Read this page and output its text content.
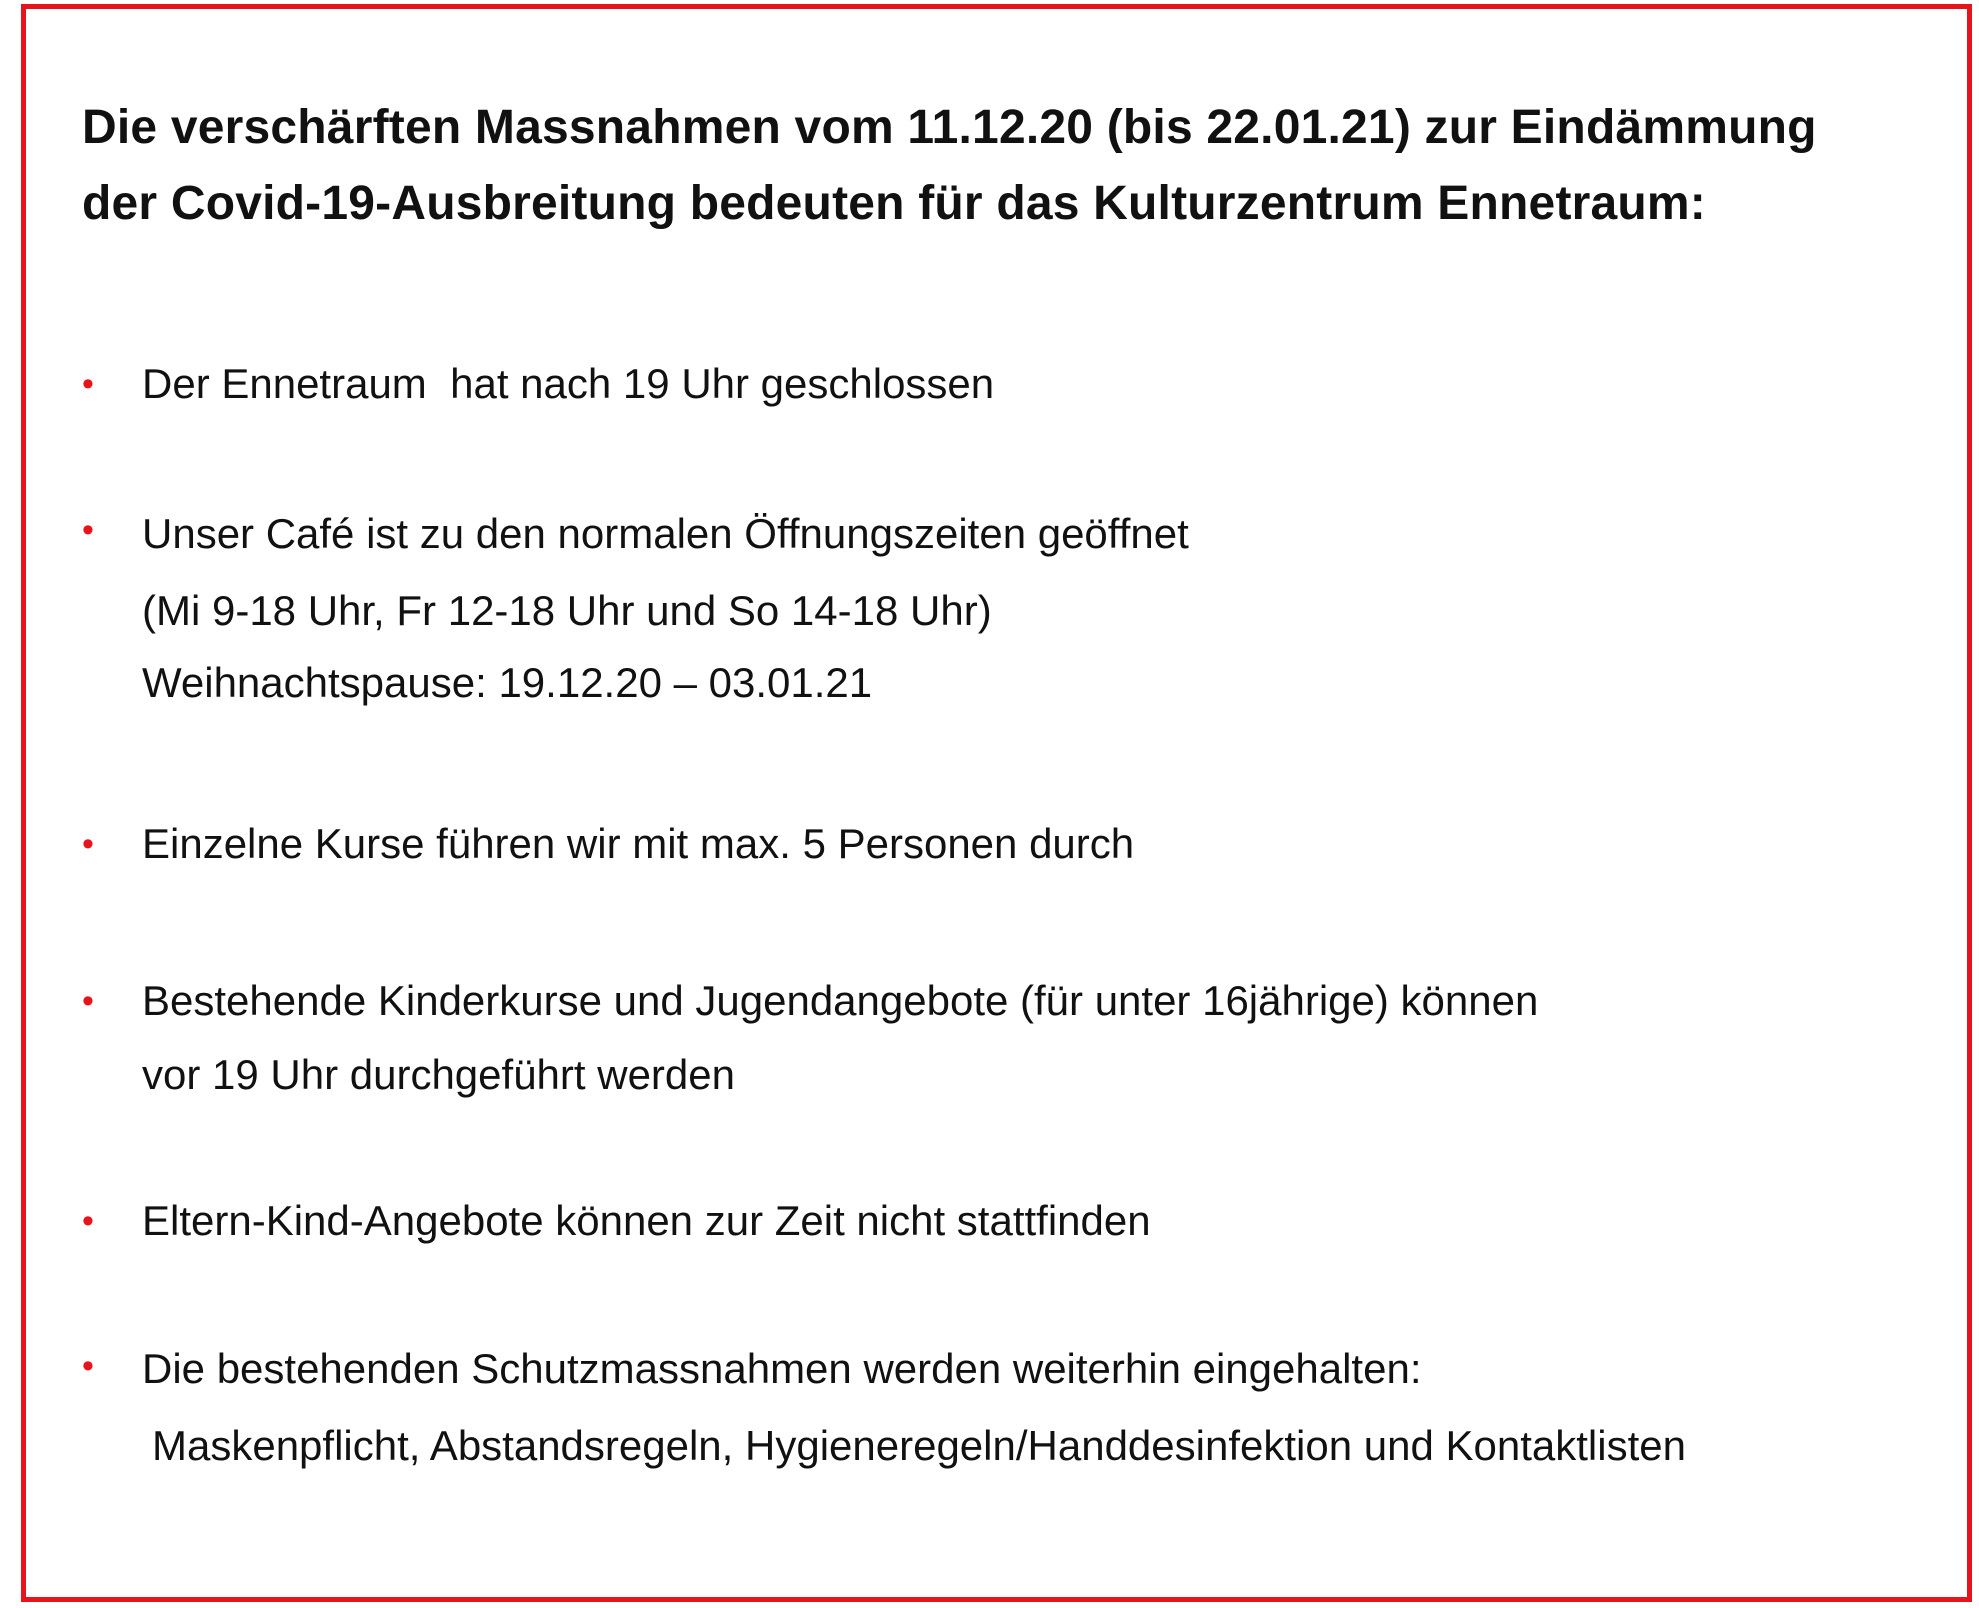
Die verschärften Massnahmen vom 11.12.20 (bis 22.01.21) zur Eindämmung
der Covid-19-Ausbreitung bedeuten für das Kulturzentrum Ennetraum:
•	Der Ennetraum  hat nach 19 Uhr geschlossen
•	Unser Café ist zu den normalen Öffnungszeiten geöffnet
(Mi 9-18 Uhr, Fr 12-18 Uhr und So 14-18 Uhr)
Weihnachtspause: 19.12.20 – 03.01.21
•	Einzelne Kurse führen wir mit max. 5 Personen durch
•	Bestehende Kinderkurse und Jugendangebote (für unter 16jährige) können
vor 19 Uhr durchgeführt werden
•	Eltern-Kind-Angebote können zur Zeit nicht stattfinden
•	Die bestehenden Schutzmassnahmen werden weiterhin eingehalten:
Maskenpflicht, Abstandsregeln, Hygieneregeln/Handdesinfektion und Kontaktlisten
